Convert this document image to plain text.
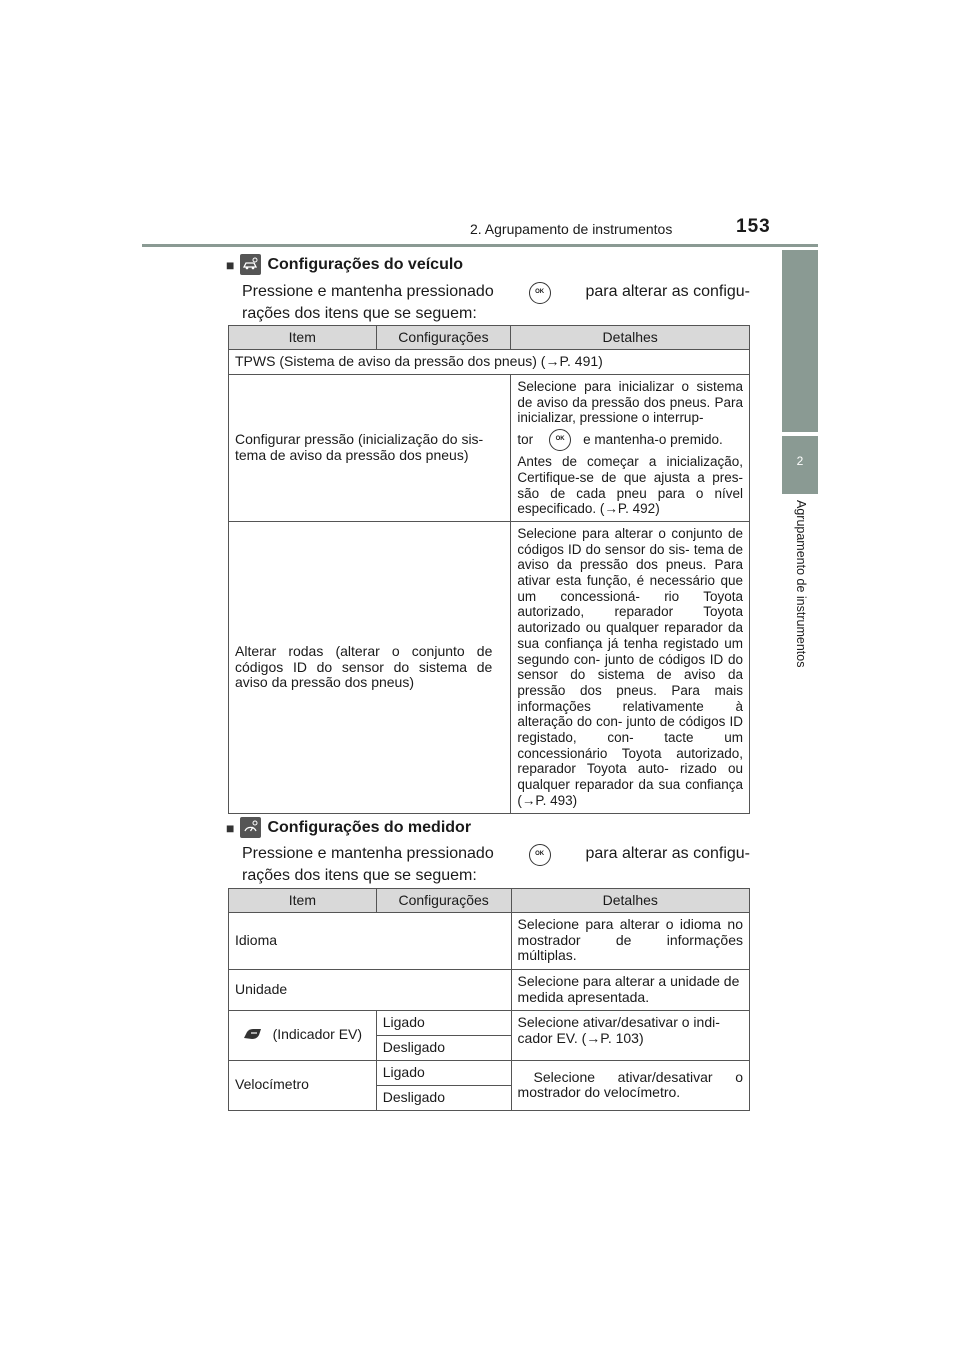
2. Agrupamento de instrumentos	153
2
Agrupamento de instrumentos
■ Configurações do veículo
Pressione e mantenha pressionado	OK	para alterar as configu-
rações dos itens que se seguem:
Item	Configurações	Detalhes
TPWS (Sistema de aviso da pressão dos pneus) (→P. 491)		
Configurar pressão (inicialização do sis- tema de aviso da pressão dos pneus)		Selecione para inicializar o sistema de aviso da pressão dos pneus. Para inicializar, pressione o interrup-
tor OK e mantenha-o premido.
Antes de começar a inicialização, Certifique-se de que ajusta a pres- são de cada pneu para o nível especificado. (→P. 492)

Alterar rodas (alterar o conjunto de códigos ID do sensor do sistema de aviso da pressão dos pneus)		Selecione para alterar o conjunto de códigos ID do sensor do sis- tema de aviso da pressão dos pneus. Para ativar esta função, é necessário que um concessioná- rio Toyota autorizado, reparador Toyota autorizado ou qualquer reparador da sua confiança já tenha registado um segundo con- junto de códigos ID do sensor do sistema de aviso da pressão dos pneus. Para mais informações relativamente à alteração do con- junto de códigos ID registado, con- tacte um concessionário Toyota autorizado, reparador Toyota auto- rizado ou qualquer reparador da sua confiança (→P. 493)
■ Configurações do medidor
Pressione e mantenha pressionado	OK	para alterar as configu-
rações dos itens que se seguem:
Item	Configurações	Detalhes
Idioma		Selecione para alterar o idioma no mostrador de informações múltiplas.
Unidade		Selecione para alterar a unidade de medida apresentada.
(Indicador EV)	Ligado	Selecione ativar/desativar o indi- cador EV. (→P. 103)
	Desligado	
Velocímetro	Ligado	Selecione ativar/desativar o mostrador do velocímetro.
	Desligado	
